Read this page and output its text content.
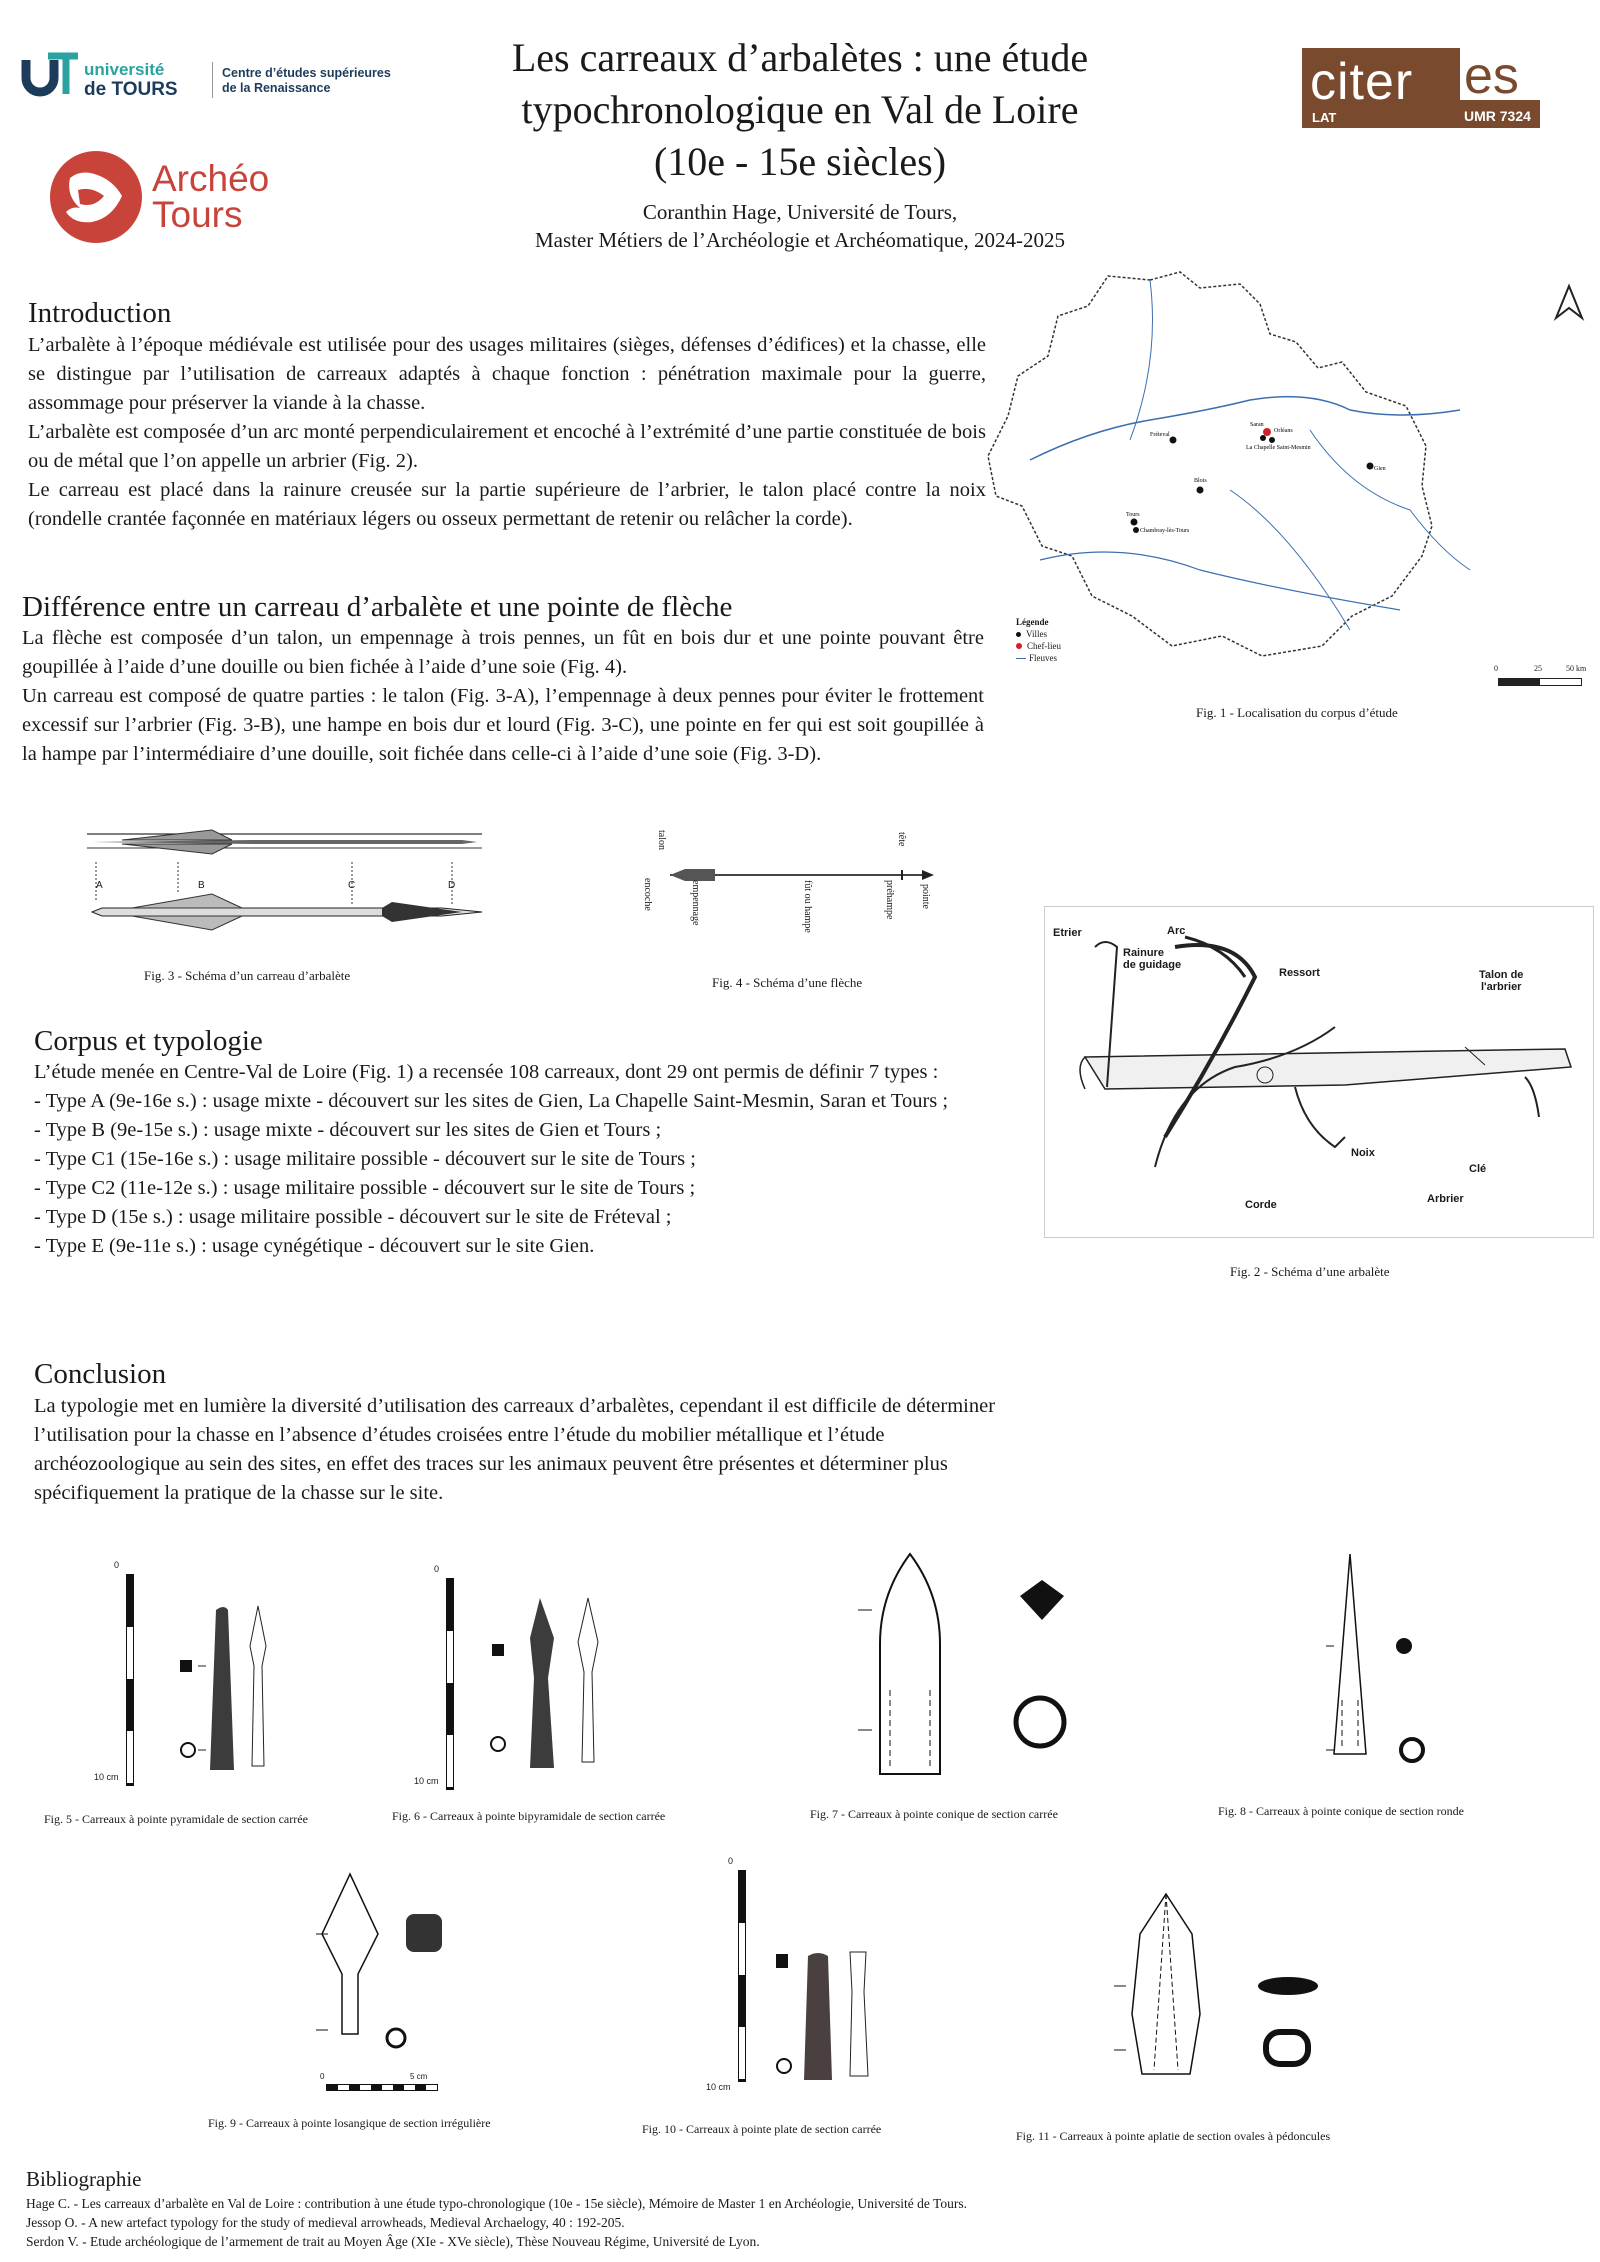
université
de TOURS
Centre d’études supérieures
de la Renaissance
Archéo
Tours
citer es
LAT	UMR 7324
Les carreaux d’arbalètes : une étude
typochronologique en Val de Loire
(10e - 15e siècles)
Coranthin Hage, Université de Tours,
Master Métiers de l’Archéologie et Archéomatique, 2024-2025
Introduction

L’arbalète à l’époque médiévale est utilisée pour des usages militaires (sièges, défenses d’édifices) et la chasse, elle se distingue par l’utilisation de carreaux adaptés à chaque fonction : pénétration maximale pour la guerre, assommage pour préserver la viande à la chasse.

L’arbalète est composée d’un arc monté perpendiculairement et encoché à l’extrémité d’une partie constituée de bois ou de métal que l’on appelle un arbrier (Fig. 2).

Le carreau est placé dans la rainure creusée sur la partie supérieure de l’arbrier, le talon placé contre la noix (rondelle crantée façonnée en matériaux légers ou osseux permettant de retenir ou relâcher la corde).

Différence entre un carreau d’arbalète et une pointe de flèche

La flèche est composée d’un talon, un empennage à trois pennes, un fût en bois dur et une pointe pouvant être goupillée à l’aide d’une douille ou bien fichée à l’aide d’une soie (Fig. 4).

Un carreau est composé de quatre parties : le talon (Fig. 3-A), l’empennage à deux pennes pour éviter le frottement excessif sur l’arbrier (Fig. 3-B), une hampe en bois dur et lourd (Fig. 3-C), une pointe en fer qui est soit goupillée à la hampe par l’intermédiaire d’une douille, soit fichée dans celle-ci à l’aide d’une soie (Fig. 3-D).

Fréteval
Saran
Orléans
La Chapelle Saint-Mesmin
Blois
Gien
Tours
Chambray-lès-Tours
0	25	50 km
Légende
Villes
Chef-lieu
Fleuves
Fig. 1 - Localisation du corpus d’étude
A	B	C	D
Fig. 3 - Schéma d’un carreau d’arbalète
talon
encoche	empennage	fût ou hampe
tête
pointe
préhampe
Fig. 4 - Schéma d’une flèche
Etrier	Arc
Rainure
de guidage
Ressort	Talon de
l'arbrier
Noix
Clé
Corde	Arbrier
Fig. 2 - Schéma d’une arbalète
Corpus et typologie
L’étude menée en Centre-Val de Loire (Fig. 1) a recensée 108 carreaux, dont 29 ont permis de définir 7 types :
- Type A (9e-16e s.) : usage mixte - découvert sur les sites de Gien, La Chapelle Saint-Mesmin, Saran et Tours ;
- Type B (9e-15e s.) : usage mixte - découvert sur les sites de Gien et Tours ;
- Type C1 (15e-16e s.) : usage militaire possible - découvert sur le site de Tours ;
- Type C2 (11e-12e s.) : usage militaire possible - découvert sur le site de Tours ;
- Type D (15e s.) : usage militaire possible - découvert sur le site de Fréteval ;
- Type E (9e-11e s.) : usage cynégétique - découvert sur le site Gien.
Conclusion

La typologie met en lumière la diversité d’utilisation des carreaux d’arbalètes, cependant il est difficile de déterminer l’utilisation pour la chasse en l’absence d’études croisées entre l’étude du mobilier métallique et l’étude archéozoologique au sein des sites, en effet des traces sur les animaux peuvent être présentes et déterminer plus spécifiquement la pratique de la chasse sur le site.

0
10 cm
Fig. 5 - Carreaux à pointe pyramidale de section carrée
0
10 cm
Fig. 6 - Carreaux à pointe bipyramidale de section carrée	Fig. 7 - Carreaux à pointe conique de section carrée	Fig. 8 - Carreaux à pointe conique de section ronde
0	5 cm
Fig. 9 - Carreaux à pointe losangique de section irrégulière
0
10 cm
Fig. 10 - Carreaux à pointe plate de section carrée	Fig. 11 - Carreaux à pointe aplatie de section ovales à pédoncules
Bibliographie
Hage C. - Les carreaux d’arbalète en Val de Loire : contribution à une étude typo-chronologique (10e - 15e siècle), Mémoire de Master 1 en Archéologie, Université de Tours.
Jessop O. - A new artefact typology for the study of medieval arrowheads, Medieval Archaelogy, 40 : 192-205.
Serdon V. - Etude archéologique de l’armement de trait au Moyen Âge (XIe - XVe siècle), Thèse Nouveau Régime, Université de Lyon.
